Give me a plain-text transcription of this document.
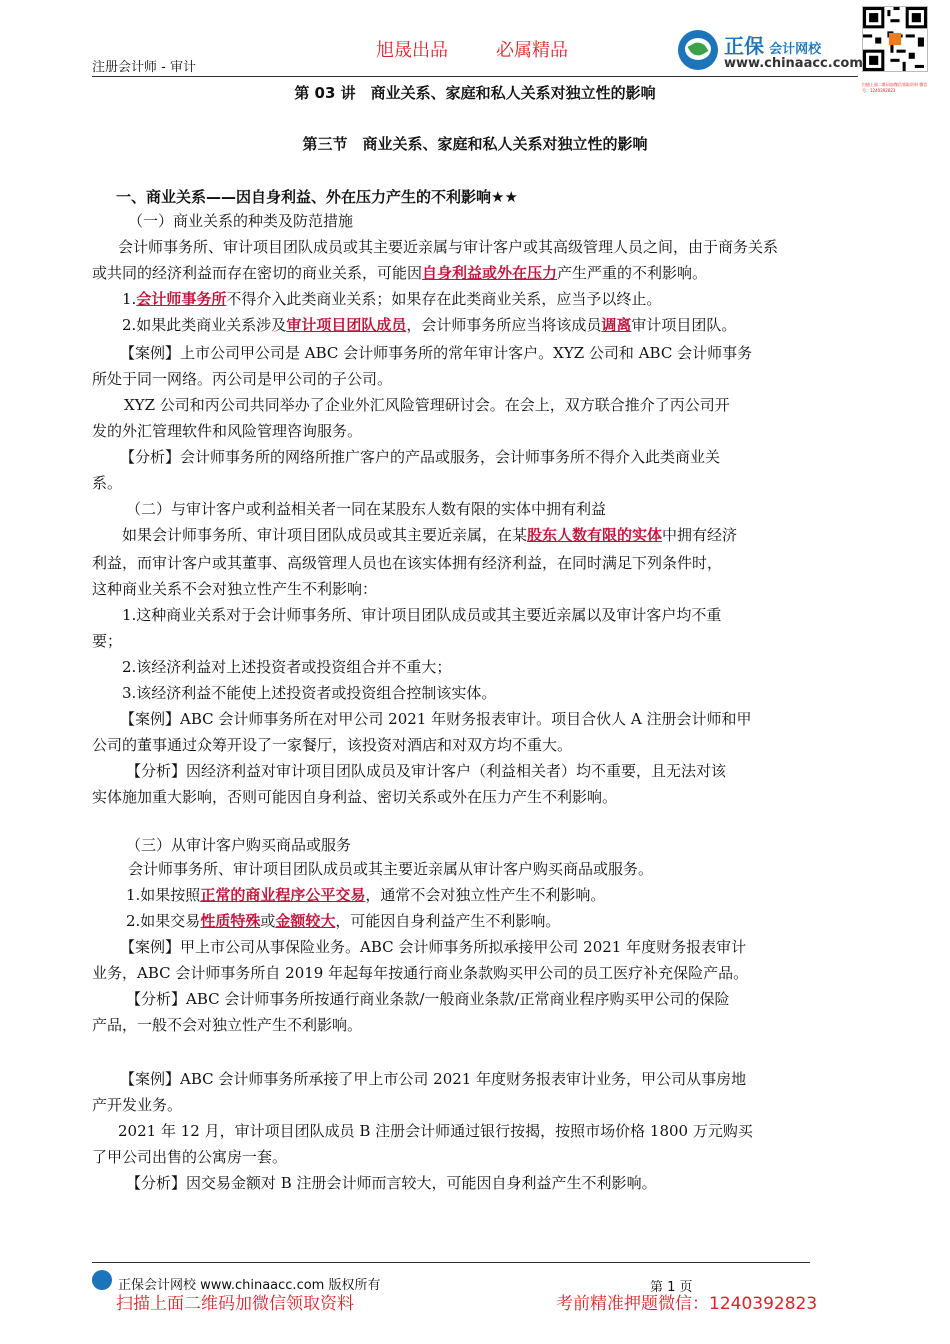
注册会计师 - 审计
旭晟出品	必属精品	正保 会计网校
www.chinaacc.com
扫描上面二维码加微信领取资料 微信号：1240392823
第 03 讲　商业关系、家庭和私人关系对独立性的影响
第三节　商业关系、家庭和私人关系对独立性的影响
一、商业关系——因自身利益、外在压力产生的不利影响★★
（一）商业关系的种类及防范措施
会计师事务所、审计项目团队成员或其主要近亲属与审计客户或其高级管理人员之间，由于商务关系
或共同的经济利益而存在密切的商业关系，可能因自身利益或外在压力产生严重的不利影响。
1.会计师事务所不得介入此类商业关系；如果存在此类商业关系，应当予以终止。
2.如果此类商业关系涉及审计项目团队成员，会计师事务所应当将该成员调离审计项目团队。
【案例】上市公司甲公司是 ABC 会计师事务所的常年审计客户。XYZ 公司和 ABC 会计师事务
所处于同一网络。丙公司是甲公司的子公司。
XYZ 公司和丙公司共同举办了企业外汇风险管理研讨会。在会上，双方联合推介了丙公司开
发的外汇管理软件和风险管理咨询服务。
【分析】会计师事务所的网络所推广客户的产品或服务，会计师事务所不得介入此类商业关
系。
（二）与审计客户或利益相关者一同在某股东人数有限的实体中拥有利益
如果会计师事务所、审计项目团队成员或其主要近亲属，在某股东人数有限的实体中拥有经济
利益，而审计客户或其董事、高级管理人员也在该实体拥有经济利益，在同时满足下列条件时，
这种商业关系不会对独立性产生不利影响：
1.这种商业关系对于会计师事务所、审计项目团队成员或其主要近亲属以及审计客户均不重
要；
2.该经济利益对上述投资者或投资组合并不重大；
3.该经济利益不能使上述投资者或投资组合控制该实体。
【案例】ABC 会计师事务所在对甲公司 2021 年财务报表审计。项目合伙人 A 注册会计师和甲
公司的董事通过众筹开设了一家餐厅，该投资对酒店和对双方均不重大。
【分析】因经济利益对审计项目团队成员及审计客户（利益相关者）均不重要，且无法对该
实体施加重大影响，否则可能因自身利益、密切关系或外在压力产生不利影响。
（三）从审计客户购买商品或服务
会计师事务所、审计项目团队成员或其主要近亲属从审计客户购买商品或服务。
1.如果按照正常的商业程序公平交易，通常不会对独立性产生不利影响。
2.如果交易性质特殊或金额较大，可能因自身利益产生不利影响。
【案例】甲上市公司从事保险业务。ABC 会计师事务所拟承接甲公司 2021 年度财务报表审计
业务，ABC 会计师事务所自 2019 年起每年按通行商业条款购买甲公司的员工医疗补充保险产品。
【分析】ABC 会计师事务所按通行商业条款/一般商业条款/正常商业程序购买甲公司的保险
产品，一般不会对独立性产生不利影响。
【案例】ABC 会计师事务所承接了甲上市公司 2021 年度财务报表审计业务，甲公司从事房地
产开发业务。
2021 年 12 月，审计项目团队成员 B 注册会计师通过银行按揭，按照市场价格 1800 万元购买
了甲公司出售的公寓房一套。
【分析】因交易金额对 B 注册会计师而言较大，可能因自身利益产生不利影响。
正保会计网校 www.chinaacc.com 版权所有	第 1 页
扫描上面二维码加微信领取资料	考前精准押题微信：1240392823
